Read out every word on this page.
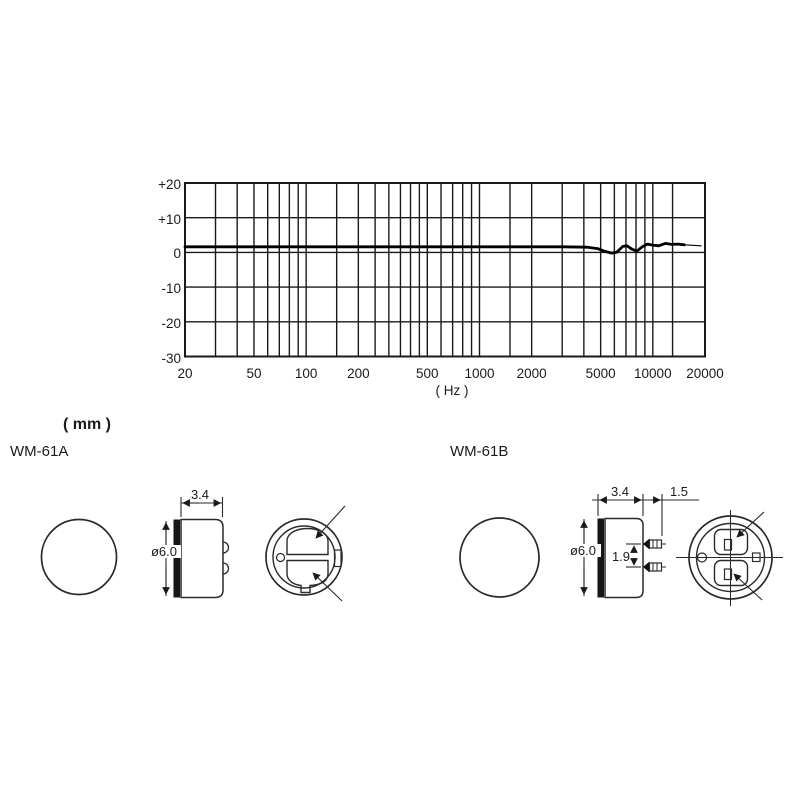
20	50	100	200	500	1000	2000	5000	10000	20000
+20
+10
0
-10
-20
-30
( Hz )
( mm )
WM-61A	WM-61B
3.4
ø6.0
3.4	1.5
ø6.0 1.9
